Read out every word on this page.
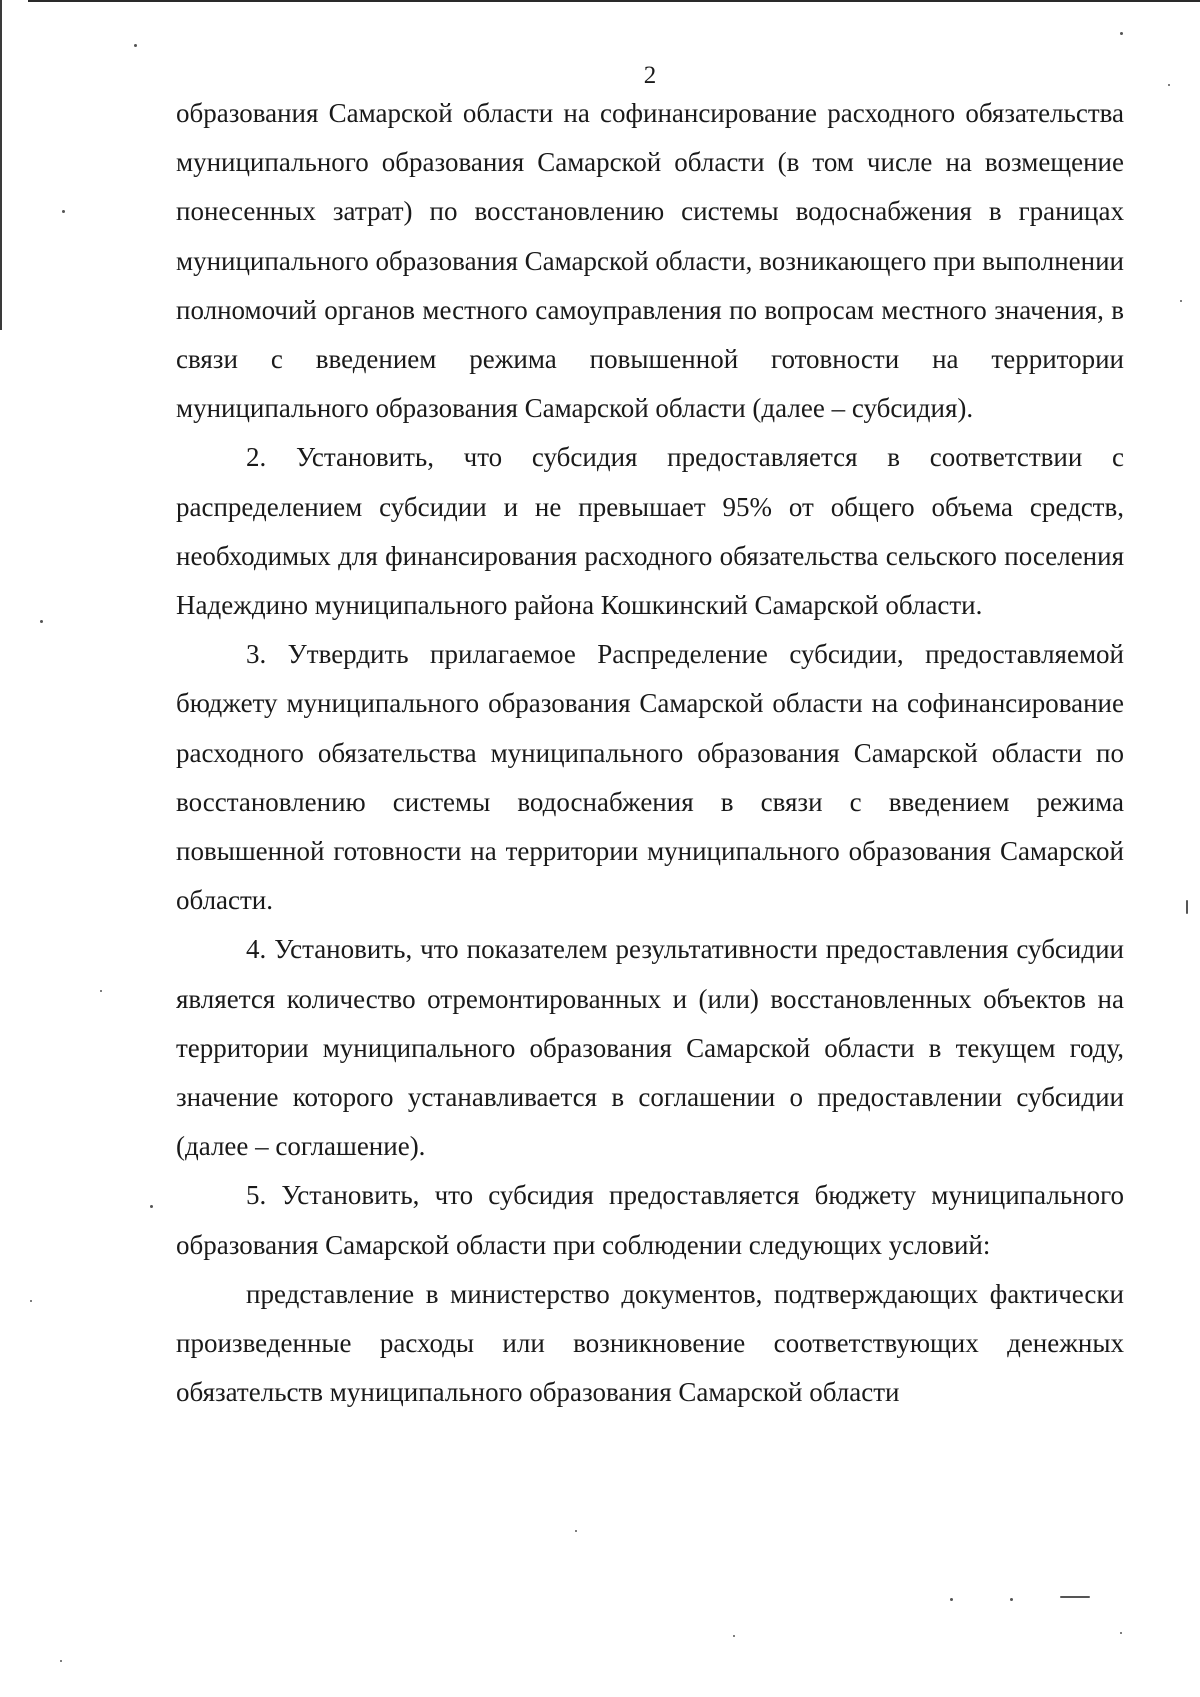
2

образования Самарской области на софинансирование расходного обязательства муниципального образования Самарской области (в том числе на возмещение понесенных затрат) по восстановлению системы водоснабжения в границах муниципального образования Самарской области, возникающего при выполнении полномочий органов местного самоуправления по вопросам местного значения, в связи с введением режима повышенной готовности на территории муниципального образования Самарской области (далее – субсидия).

2. Установить, что субсидия предоставляется в соответствии с распределением субсидии и не превышает 95% от общего объема средств, необходимых для финансирования расходного обязательства сельского поселения Надеждино муниципального района Кошкинский Самарской области.

3. Утвердить прилагаемое Распределение субсидии, предоставляемой бюджету муниципального образования Самарской области на софинансирование расходного обязательства муниципального образования Самарской области по восстановлению системы водоснабжения в связи с введением режима повышенной готовности на территории муниципального образования Самарской области.

4. Установить, что показателем результативности предоставления субсидии является количество отремонтированных и (или) восстановленных объектов на территории муниципального образования Самарской области в текущем году, значение которого устанавливается в соглашении о предоставлении субсидии (далее – соглашение).

5. Установить, что субсидия предоставляется бюджету муниципального образования Самарской области при соблюдении следующих условий:

представление в министерство документов, подтверждающих фактически произведенные расходы или возникновение соответствующих денежных обязательств муниципального образования Самарской области
